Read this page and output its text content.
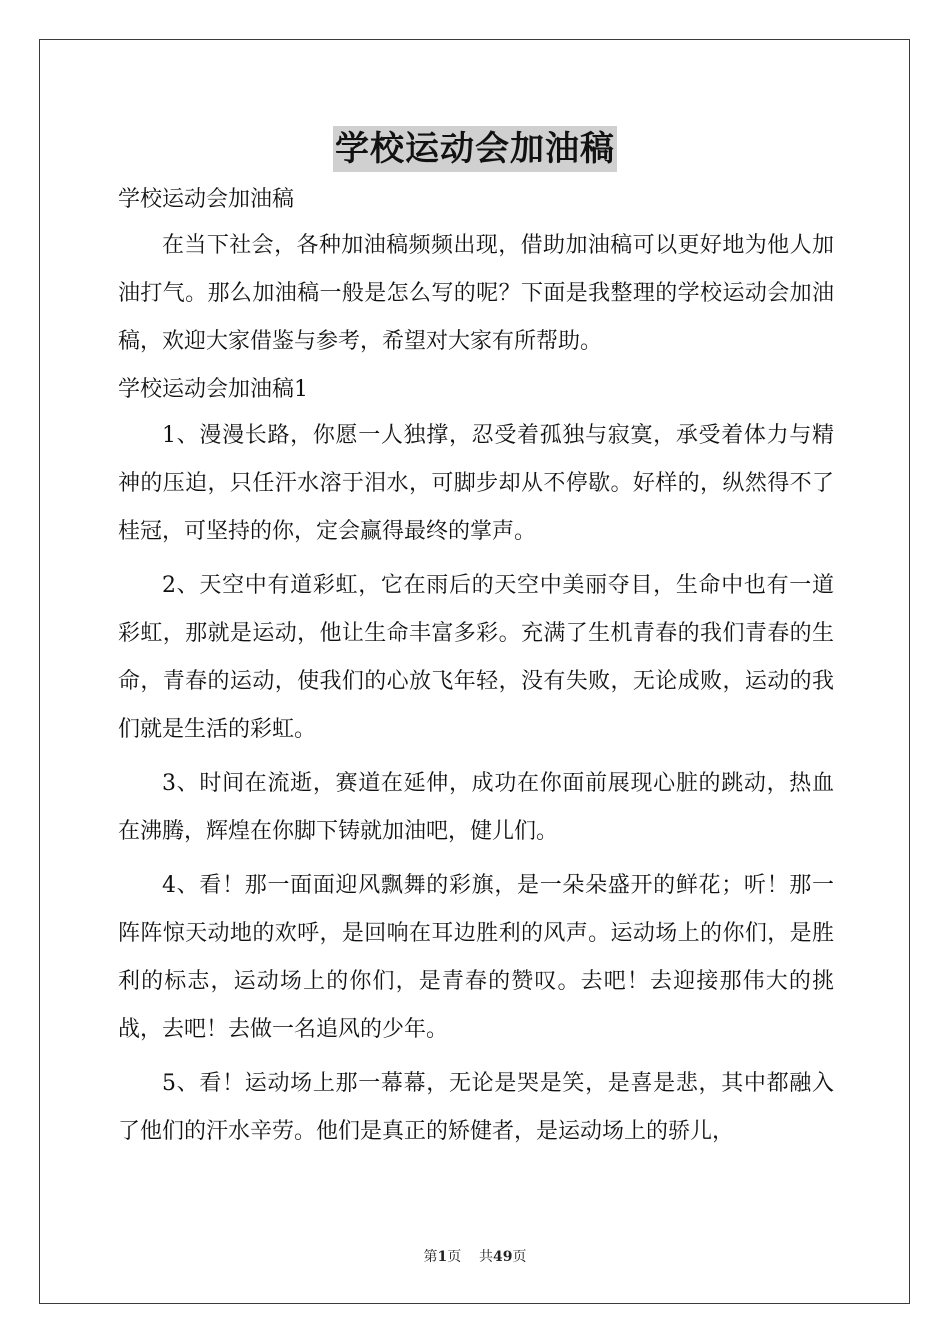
学校运动会加油稿

学校运动会加油稿

在当下社会，各种加油稿频频出现，借助加油稿可以更好地为他人加油打气。那么加油稿一般是怎么写的呢？下面是我整理的学校运动会加油稿，欢迎大家借鉴与参考，希望对大家有所帮助。

学校运动会加油稿1

1、漫漫长路，你愿一人独撑，忍受着孤独与寂寞，承受着体力与精神的压迫，只任汗水溶于泪水，可脚步却从不停歇。好样的，纵然得不了桂冠，可坚持的你，定会赢得最终的掌声。

2、天空中有道彩虹，它在雨后的天空中美丽夺目，生命中也有一道彩虹，那就是运动，他让生命丰富多彩。充满了生机青春的我们青春的生命，青春的运动，使我们的心放飞年轻，没有失败，无论成败，运动的我们就是生活的彩虹。

3、时间在流逝，赛道在延伸，成功在你面前展现心脏的跳动，热血在沸腾，辉煌在你脚下铸就加油吧，健儿们。

4、看！那一面面迎风飘舞的彩旗，是一朵朵盛开的鲜花；听！那一阵阵惊天动地的欢呼，是回响在耳边胜利的风声。运动场上的你们，是胜利的标志，运动场上的你们，是青春的赞叹。去吧！去迎接那伟大的挑战，去吧！去做一名追风的少年。

5、看！运动场上那一幕幕，无论是哭是笑，是喜是悲，其中都融入了他们的汗水辛劳。他们是真正的矫健者，是运动场上的骄儿，

第1页 共49页
